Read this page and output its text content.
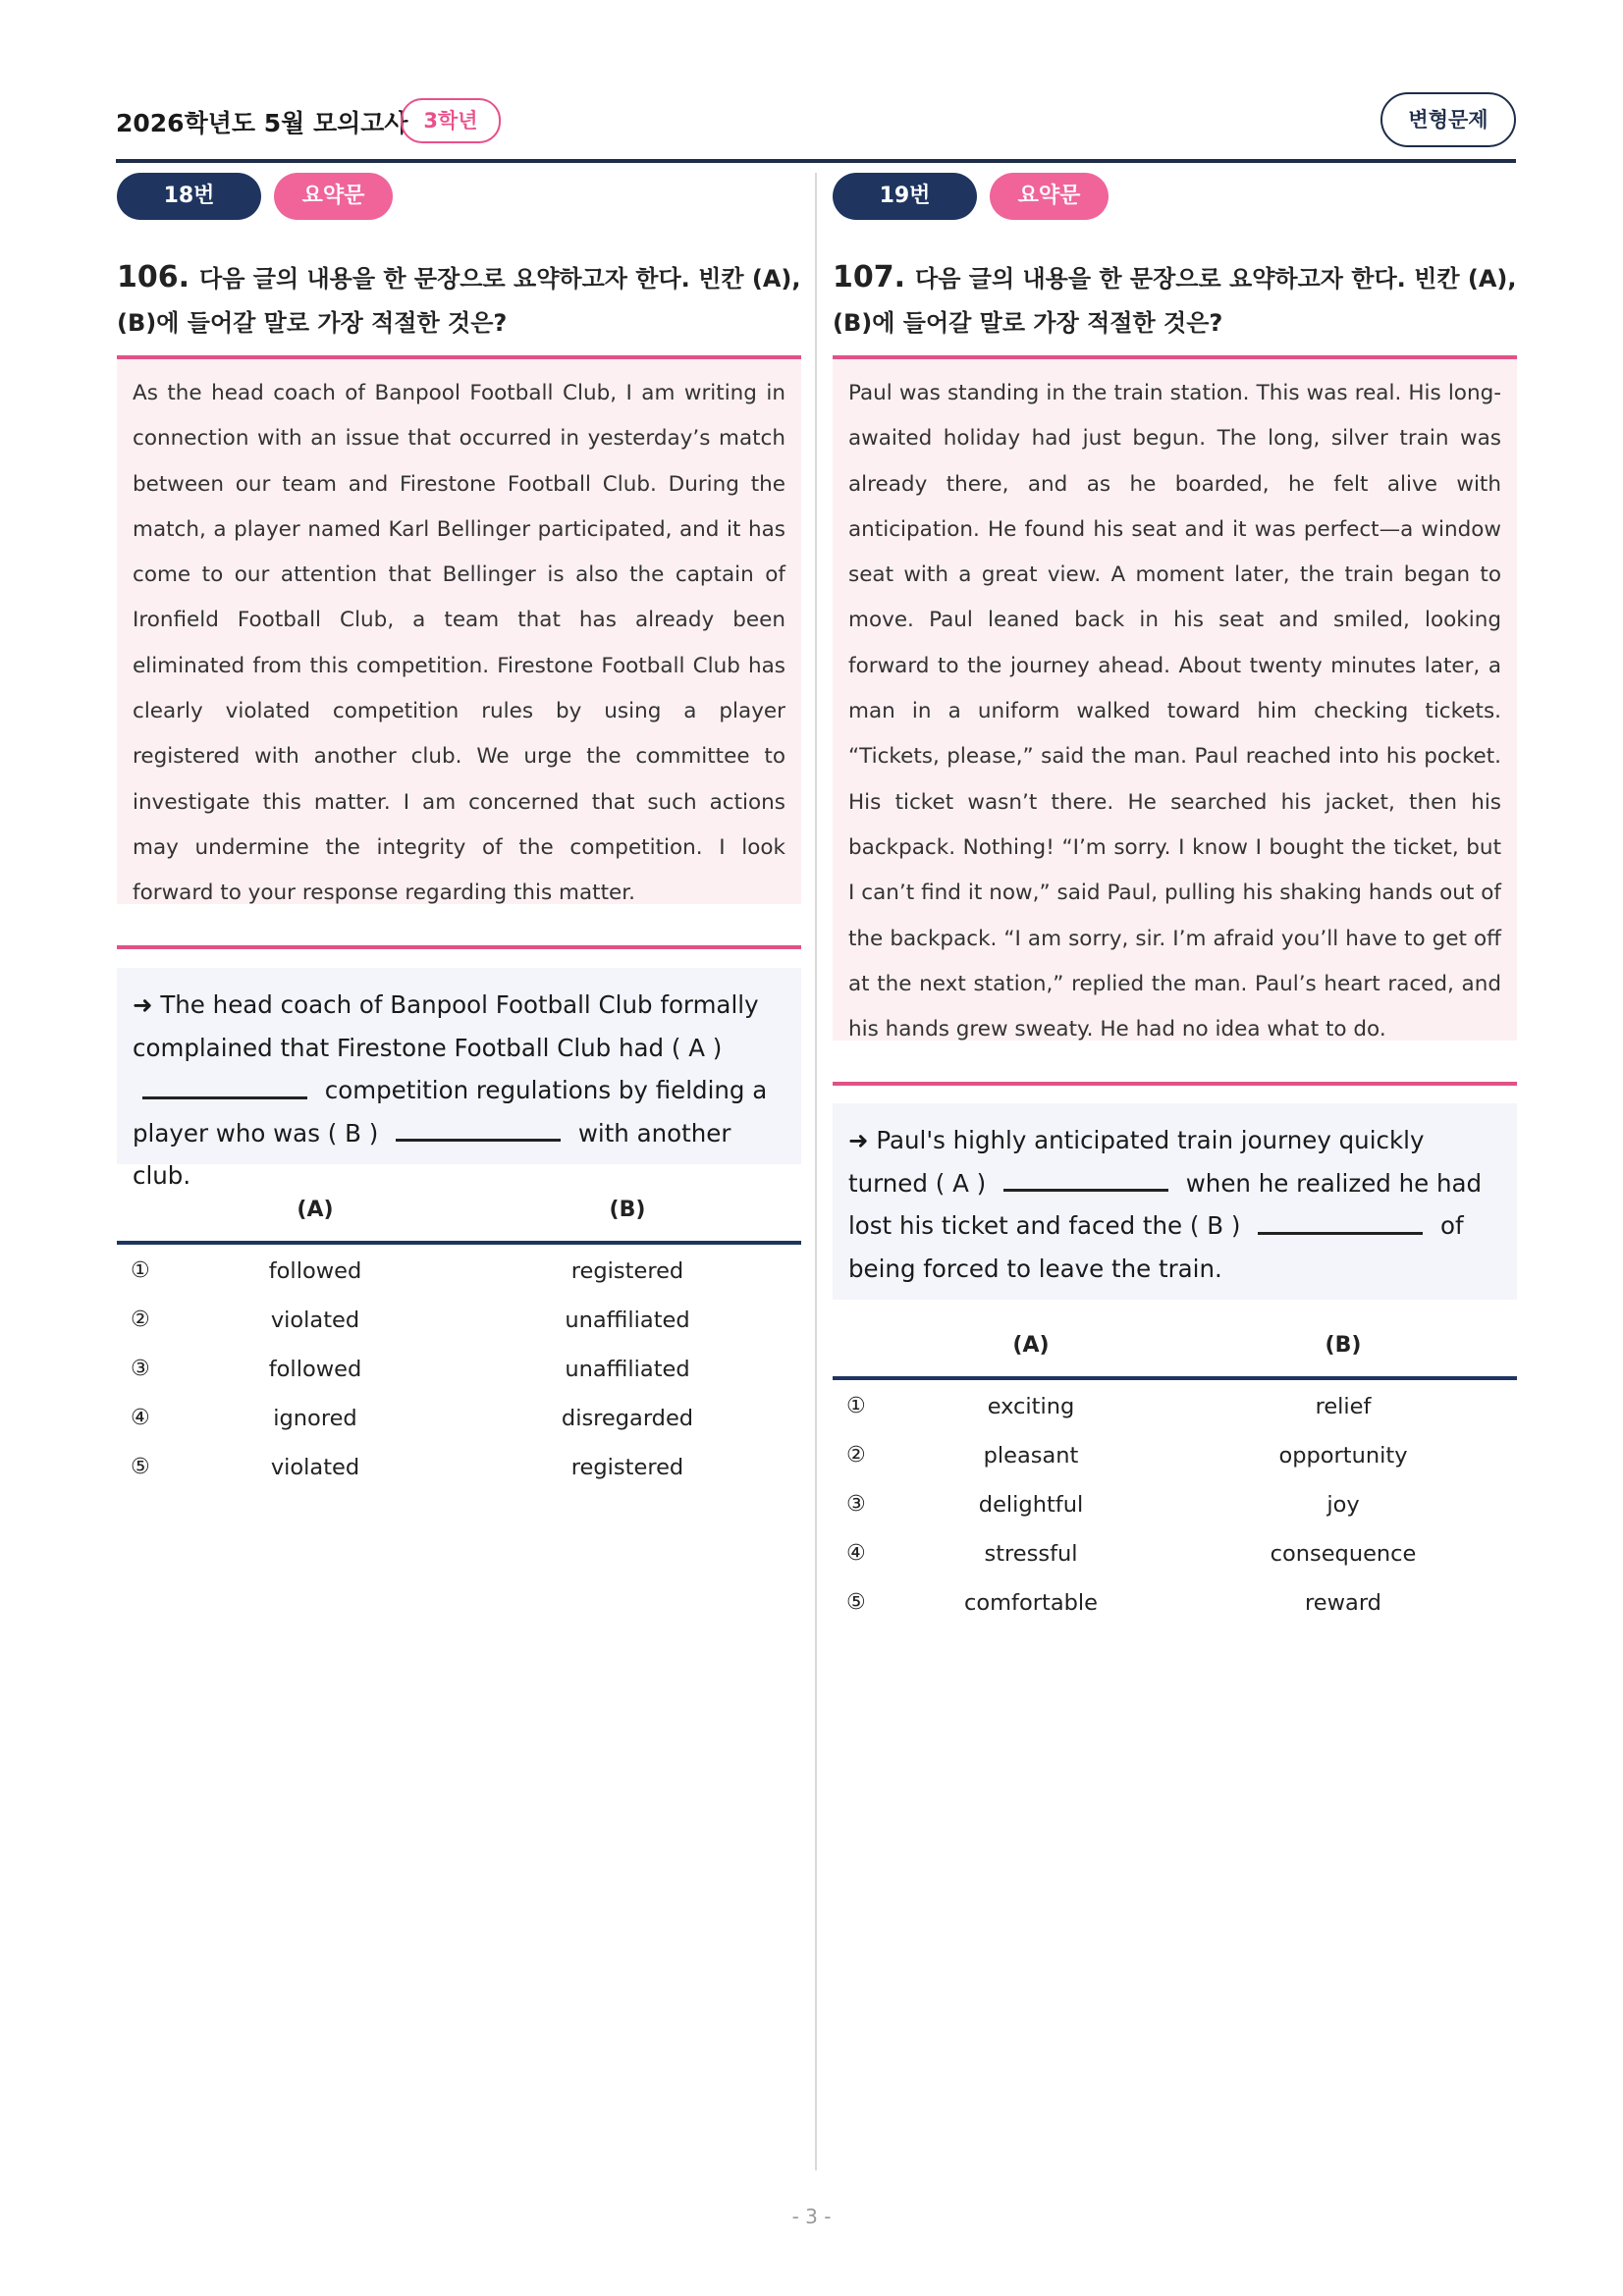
2026학년도 5월 모의고사 3학년	변형문제
18번	요약문
106. 다음 글의 내용을 한 문장으로 요약하고자 한다. 빈칸 (A), (B)에 들어갈 말로 가장 적절한 것은?

As the head coach of Banpool Football Club, I am writing in connection with an issue that occurred in yesterday’s match between our team and Firestone Football Club. During the match, a player named Karl Bellinger participated, and it has come to our attention that Bellinger is also the captain of Ironfield Football Club, a team that has already been eliminated from this competition. Firestone Football Club has clearly violated competition rules by using a player registered with another club. We urge the committee to investigate this matter. I am concerned that such actions may undermine the integrity of the competition. I look forward to your response regarding this matter.

➜ The head coach of Banpool Football Club formally complained that Firestone Football Club had ( A )  competition regulations by fielding a player who was ( B )	with another club.

(A)	(B)
①	followed	registered
②	violated	unaffiliated
③	followed	unaffiliated
④	ignored	disregarded
⑤	violated	registered
19번	요약문
107. 다음 글의 내용을 한 문장으로 요약하고자 한다. 빈칸 (A), (B)에 들어갈 말로 가장 적절한 것은?

Paul was standing in the train station. This was real. His long-awaited holiday had just begun. The long, silver train was already there, and as he boarded, he felt alive with anticipation. He found his seat and it was perfect—a window seat with a great view. A moment later, the train began to move. Paul leaned back in his seat and smiled, looking forward to the journey ahead. About twenty minutes later, a man in a uniform walked toward him checking tickets. “Tickets, please,” said the man. Paul reached into his pocket. His ticket wasn’t there. He searched his jacket, then his backpack. Nothing! “I’m sorry. I know I bought the ticket, but I can’t find it now,” said Paul, pulling his shaking hands out of the backpack. “I am sorry, sir. I’m afraid you’ll have to get off at the next station,” replied the man. Paul’s heart raced, and his hands grew sweaty. He had no idea what to do.

➜ Paul's highly anticipated train journey quickly turned ( A )	when he realized he had lost his ticket and faced the ( B )	of being forced to leave the train.

(A)	(B)
①	exciting	relief
②	pleasant	opportunity
③	delightful	joy
④	stressful	consequence
⑤	comfortable	reward
- 3 -
